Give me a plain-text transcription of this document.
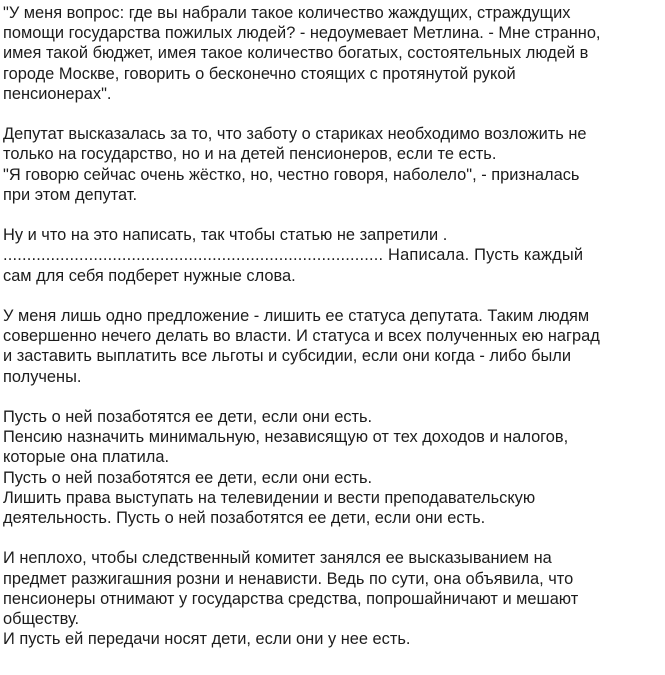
"У меня вопрос: где вы набрали такое количество жаждущих, страждущих
помощи государства пожилых людей? - недоумевает Метлина. - Мне странно,
имея такой бюджет, имея такое количество богатых, состоятельных людей в
городе Москве, говорить о бесконечно стоящих с протянутой рукой
пенсионерах".
Депутат высказалась за то, что заботу о стариках необходимо возложить не
только на государство, но и на детей пенсионеров, если те есть.
"Я говорю сейчас очень жёстко, но, честно говоря, наболело", - призналась
при этом депутат.
Ну и что на это написать, так чтобы статью не запретили .
................................................................................ Написала. Пусть каждый
сам для себя подберет нужные слова.
У меня лишь одно предложение - лишить ее статуса депутата. Таким людям
совершенно нечего делать во власти. И статуса и всех полученных ею наград
и заставить выплатить все льготы и субсидии, если они когда - либо были
получены.
Пусть о ней позаботятся ее дети, если они есть.
Пенсию назначить минимальную, независящую от тех доходов и налогов,
которые она платила.
Пусть о ней позаботятся ее дети, если они есть.
Лишить права выступать на телевидении и вести преподавательскую
деятельность. Пусть о ней позаботятся ее дети, если они есть.
И неплохо, чтобы следственный комитет занялся ее высказыванием на
предмет разжигашния розни и ненависти. Ведь по сути, она объявила, что
пенсионеры отнимают у государства средства, попрошайничают и мешают
обществу.
И пусть ей передачи носят дети, если они у нее есть.
